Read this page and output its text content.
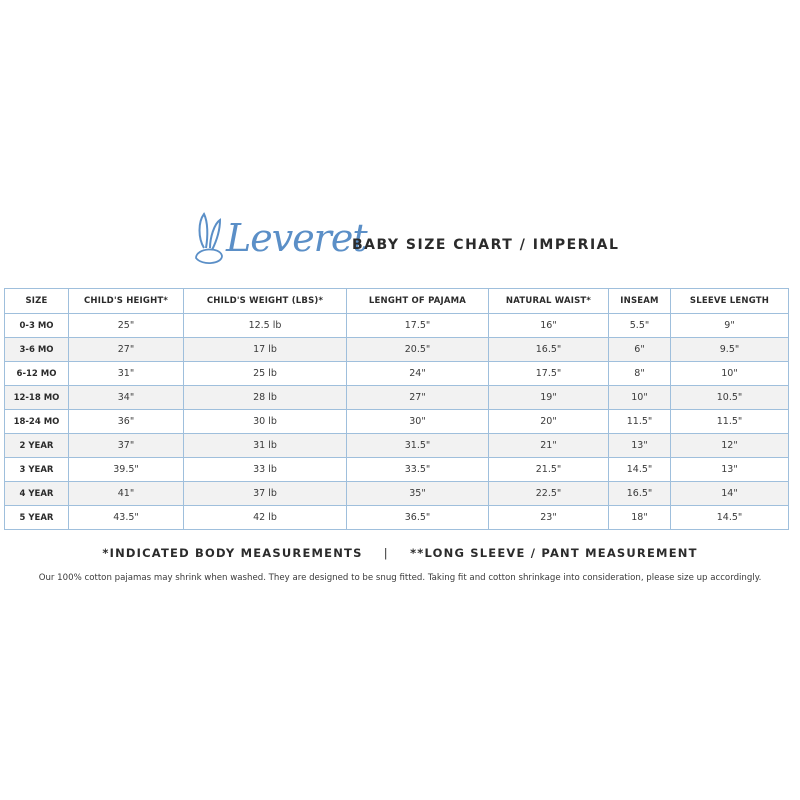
Leveret
BABY SIZE CHART / IMPERIAL
SIZE	CHILD'S HEIGHT*	CHILD'S WEIGHT (LBS)*	LENGHT OF PAJAMA	NATURAL WAIST*	INSEAM	SLEEVE LENGTH
0-3 MO	25"	12.5 lb	17.5"	16"	5.5"	9"
3-6 MO	27"	17 lb	20.5"	16.5"	6"	9.5"
6-12 MO	31"	25 lb	24"	17.5"	8"	10"
12-18 MO	34"	28 lb	27"	19"	10"	10.5"
18-24 MO	36"	30 lb	30"	20"	11.5"	11.5"
2 YEAR	37"	31 lb	31.5"	21"	13"	12"
3 YEAR	39.5"	33 lb	33.5"	21.5"	14.5"	13"
4 YEAR	41"	37 lb	35"	22.5"	16.5"	14"
5 YEAR	43.5"	42 lb	36.5"	23"	18"	14.5"
*INDICATED BODY MEASUREMENTS | **LONG SLEEVE / PANT MEASUREMENT
Our 100% cotton pajamas may shrink when washed. They are designed to be snug fitted. Taking fit and cotton shrinkage into consideration, please size up accordingly.
